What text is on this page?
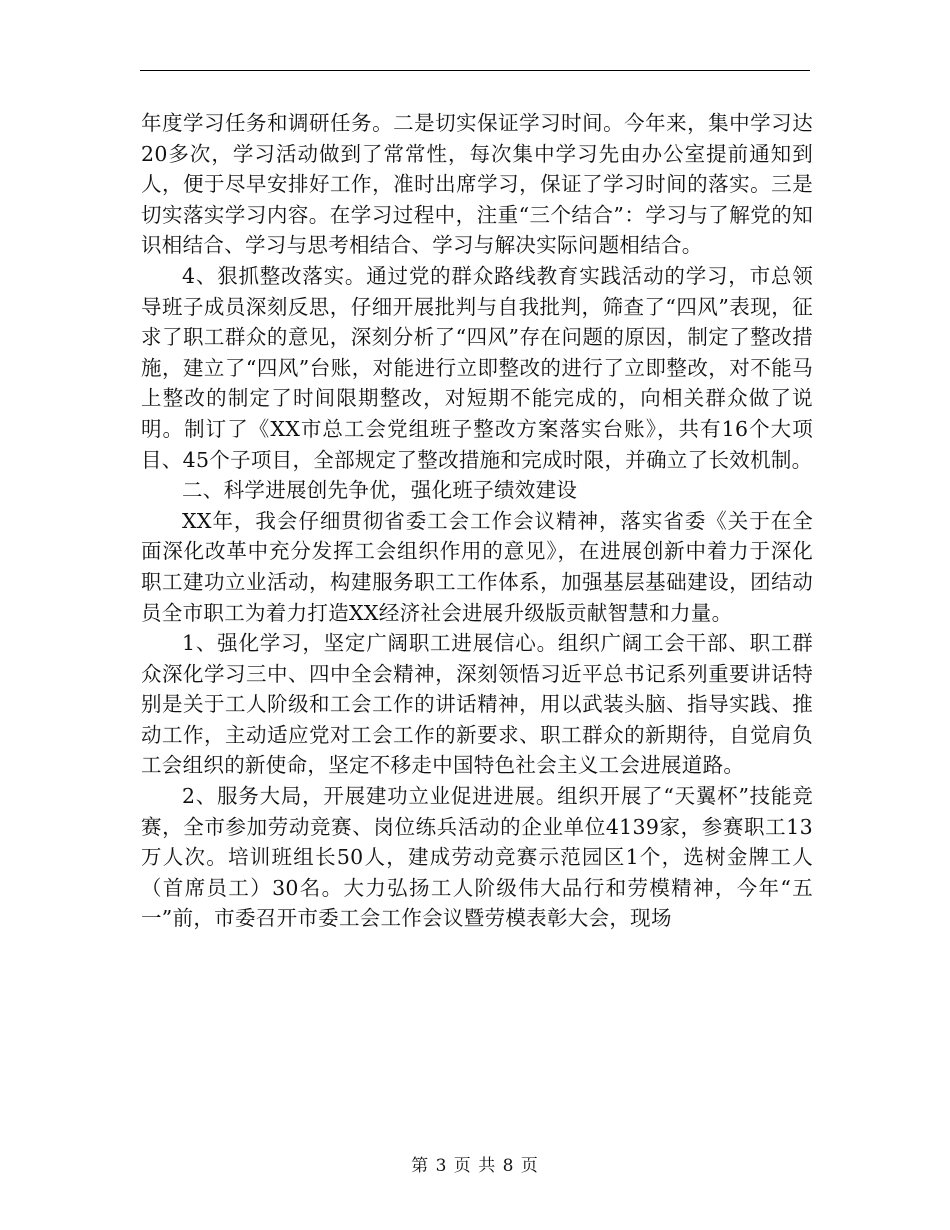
年度学习任务和调研任务。二是切实保证学习时间。今年来，集中学习达20多次，学习活动做到了常常性，每次集中学习先由办公室提前通知到人，便于尽早安排好工作，准时出席学习，保证了学习时间的落实。三是切实落实学习内容。在学习过程中，注重“三个结合”：学习与了解党的知识相结合、学习与思考相结合、学习与解决实际问题相结合。

4、狠抓整改落实。通过党的群众路线教育实践活动的学习，市总领导班子成员深刻反思，仔细开展批判与自我批判，筛查了“四风”表现，征求了职工群众的意见，深刻分析了“四风”存在问题的原因，制定了整改措施，建立了“四风”台账，对能进行立即整改的进行了立即整改，对不能马上整改的制定了时间限期整改，对短期不能完成的，向相关群众做了说明。制订了《XX市总工会党组班子整改方案落实台账》，共有16个大项目、45个子项目，全部规定了整改措施和完成时限，并确立了长效机制。

二、科学进展创先争优，强化班子绩效建设

XX年，我会仔细贯彻省委工会工作会议精神，落实省委《关于在全面深化改革中充分发挥工会组织作用的意见》，在进展创新中着力于深化职工建功立业活动，构建服务职工工作体系，加强基层基础建设，团结动员全市职工为着力打造XX经济社会进展升级版贡献智慧和力量。

1、强化学习，坚定广阔职工进展信心。组织广阔工会干部、职工群众深化学习三中、四中全会精神，深刻领悟习近平总书记系列重要讲话特别是关于工人阶级和工会工作的讲话精神，用以武装头脑、指导实践、推动工作，主动适应党对工会工作的新要求、职工群众的新期待，自觉肩负工会组织的新使命，坚定不移走中国特色社会主义工会进展道路。

2、服务大局，开展建功立业促进进展。组织开展了“天翼杯”技能竞赛，全市参加劳动竞赛、岗位练兵活动的企业单位4139家，参赛职工13万人次。培训班组长50人，建成劳动竞赛示范园区1个，选树金牌工人（首席员工）30名。大力弘扬工人阶级伟大品行和劳模精神，今年“五一”前，市委召开市委工会工作会议暨劳模表彰大会，现场

第 3 页 共 8 页
